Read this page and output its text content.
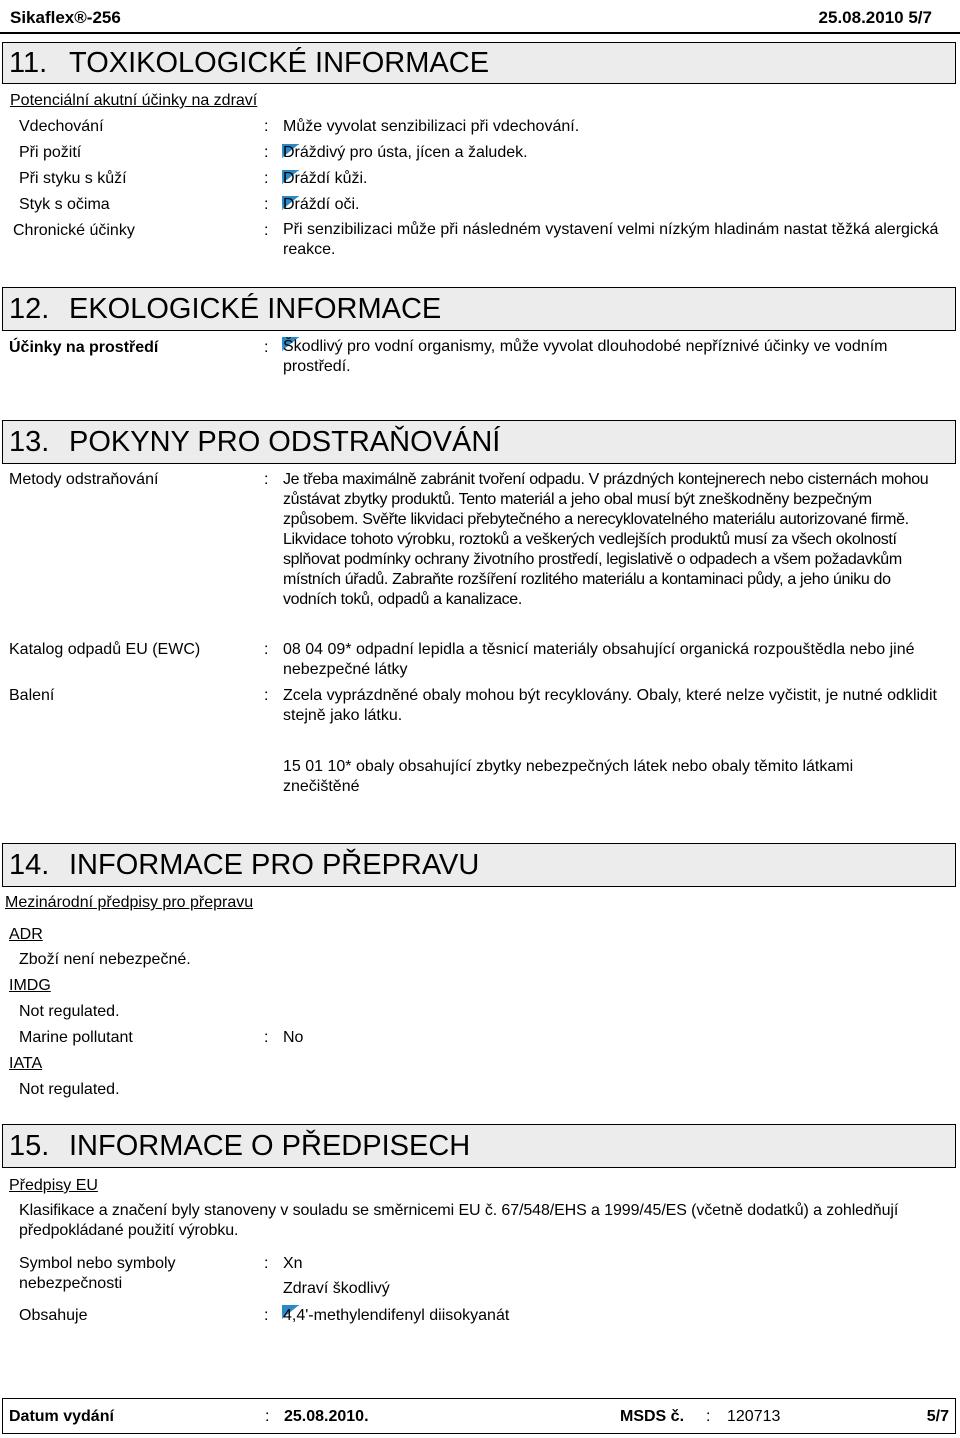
Sikaflex®-256	25.08.2010 5/7
11. TOXIKOLOGICKÉ INFORMACE
Potenciální akutní účinky na zdraví
Vdechování	: Může vyvolat senzibilizaci při vdechování.
Při požití	: Dráždivý pro ústa, jícen a žaludek.
Při styku s kůží	: Dráždí kůži.
Styk s očima	: Dráždí oči.
Chronické účinky	: Při senzibilizaci může při následném vystavení velmi nízkým hladinám nastat těžká alergická reakce.
12. EKOLOGICKÉ INFORMACE
Účinky na prostředí	: Škodlivý pro vodní organismy, může vyvolat dlouhodobé nepříznivé účinky ve vodním prostředí.
13. POKYNY PRO ODSTRAŇOVÁNÍ
Metody odstraňování	: Je třeba maximálně zabránit tvoření odpadu. V prázdných kontejnerech nebo cisternách mohou zůstávat zbytky produktů. Tento materiál a jeho obal musí být zneškodněny bezpečným způsobem. Svěřte likvidaci přebytečného a nerecyklovatelného materiálu autorizované firmě. Likvidace tohoto výrobku, roztoků a veškerých vedlejších produktů musí za všech okolností splňovat podmínky ochrany životního prostředí, legislativě o odpadech a všem požadavkům místních úřadů. Zabraňte rozšíření rozlitého materiálu a kontaminaci půdy, a jeho úniku do vodních toků, odpadů a kanalizace.
Katalog odpadů EU (EWC)	: 08 04 09* odpadní lepidla a těsnicí materiály obsahující organická rozpouštědla nebo jiné nebezpečné látky
Balení	: Zcela vyprázdněné obaly mohou být recyklovány. Obaly, které nelze vyčistit, je nutné odklidit stejně jako látku.
15 01 10* obaly obsahující zbytky nebezpečných látek nebo obaly těmito látkami znečištěné
14. INFORMACE PRO PŘEPRAVU
Mezinárodní předpisy pro přepravu
ADR
Zboží není nebezpečné.
IMDG
Not regulated.
Marine pollutant	: No
IATA
Not regulated.
15. INFORMACE O PŘEDPISECH
Předpisy EU
Klasifikace a značení byly stanoveny v souladu se směrnicemi EU č. 67/548/EHS a 1999/45/ES (včetně dodatků) a zohledňují předpokládané použití výrobku.
Symbol nebo symboly nebezpečnosti
: Xn
Zdraví škodlivý
Obsahuje	: 4,4'-methylendifenyl diisokyanát
Datum vydání	: 25.08.2010.	MSDS č. : 120713	5/7
